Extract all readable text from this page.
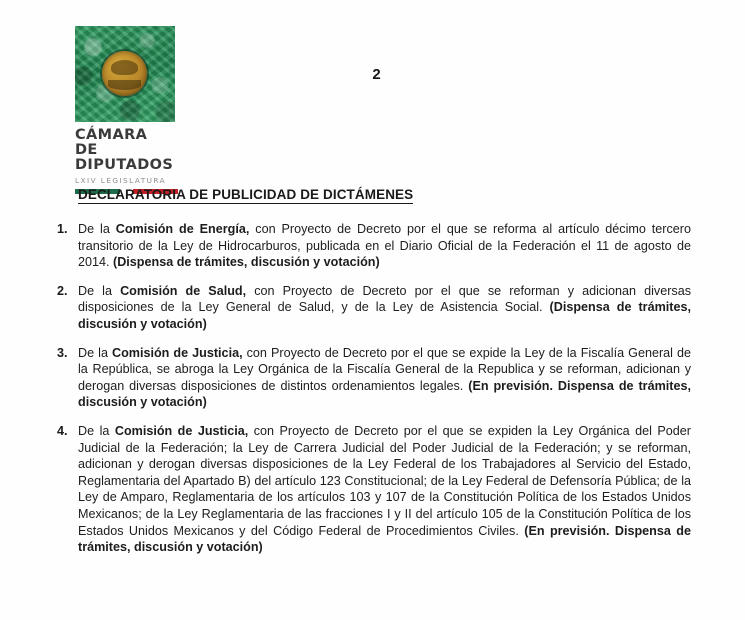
CÁMARA DE
DIPUTADOS
LXIV LEGISLATURA
2
DECLARATORIA DE PUBLICIDAD DE DICTÁMENES
1. De la Comisión de Energía, con Proyecto de Decreto por el que se reforma al artículo décimo tercero transitorio de la Ley de Hidrocarburos, publicada en el Diario Oficial de la Federación el 11 de agosto de 2014. (Dispensa de trámites, discusión y votación)
2. De la Comisión de Salud, con Proyecto de Decreto por el que se reforman y adicionan diversas disposiciones de la Ley General de Salud, y de la Ley de Asistencia Social. (Dispensa de trámites, discusión y votación)
3. De la Comisión de Justicia, con Proyecto de Decreto por el que se expide la Ley de la Fiscalía General de la República, se abroga la Ley Orgánica de la Fiscalía General de la Republica y se reforman, adicionan y derogan diversas disposiciones de distintos ordenamientos legales. (En previsión. Dispensa de trámites, discusión y votación)
4. De la Comisión de Justicia, con Proyecto de Decreto por el que se expiden la Ley Orgánica del Poder Judicial de la Federación; la Ley de Carrera Judicial del Poder Judicial de la Federación; y se reforman, adicionan y derogan diversas disposiciones de la Ley Federal de los Trabajadores al Servicio del Estado, Reglamentaria del Apartado B) del artículo 123 Constitucional; de la Ley Federal de Defensoría Pública; de la Ley de Amparo, Reglamentaria de los artículos 103 y 107 de la Constitución Política de los Estados Unidos Mexicanos; de la Ley Reglamentaria de las fracciones I y II del artículo 105 de la Constitución Política de los Estados Unidos Mexicanos y del Código Federal de Procedimientos Civiles. (En previsión. Dispensa de trámites, discusión y votación)
